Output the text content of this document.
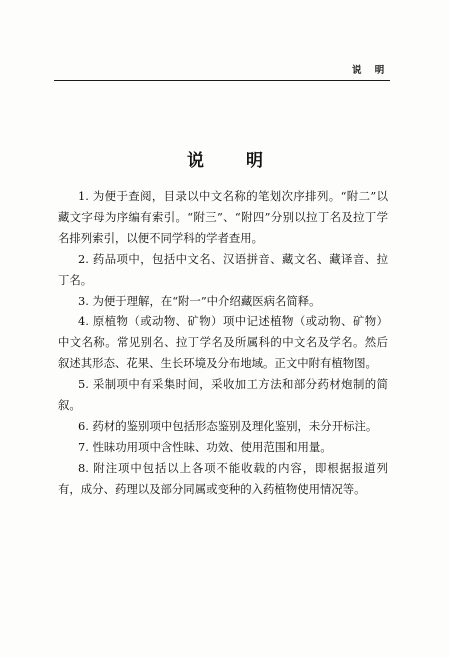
说 明
说 明

1. 为便于查阅，目录以中文名称的笔划次序排列。“附二”以藏文字母为序编有索引。“附三”、“附四”分别以拉丁名及拉丁学名排列索引，以便不同学科的学者查用。

2. 药品项中，包括中文名、汉语拼音、藏文名、藏译音、拉丁名。

3. 为便于理解，在“附一”中介绍藏医病名简释。

4. 原植物（或动物、矿物）项中记述植物（或动物、矿物）中文名称。常见别名、拉丁学名及所属科的中文名及学名。然后叙述其形态、花果、生长环境及分布地域。正文中附有植物图。

5. 采制项中有采集时间，采收加工方法和部分药材炮制的简叙。

6. 药材的鉴别项中包括形态鉴别及理化鉴别，未分开标注。

7. 性昧功用项中含性昧、功效、使用范围和用量。

8. 附注项中包括以上各项不能收载的内容，即根据报道列有，成分、药理以及部分同属或变种的入药植物使用情况等。
